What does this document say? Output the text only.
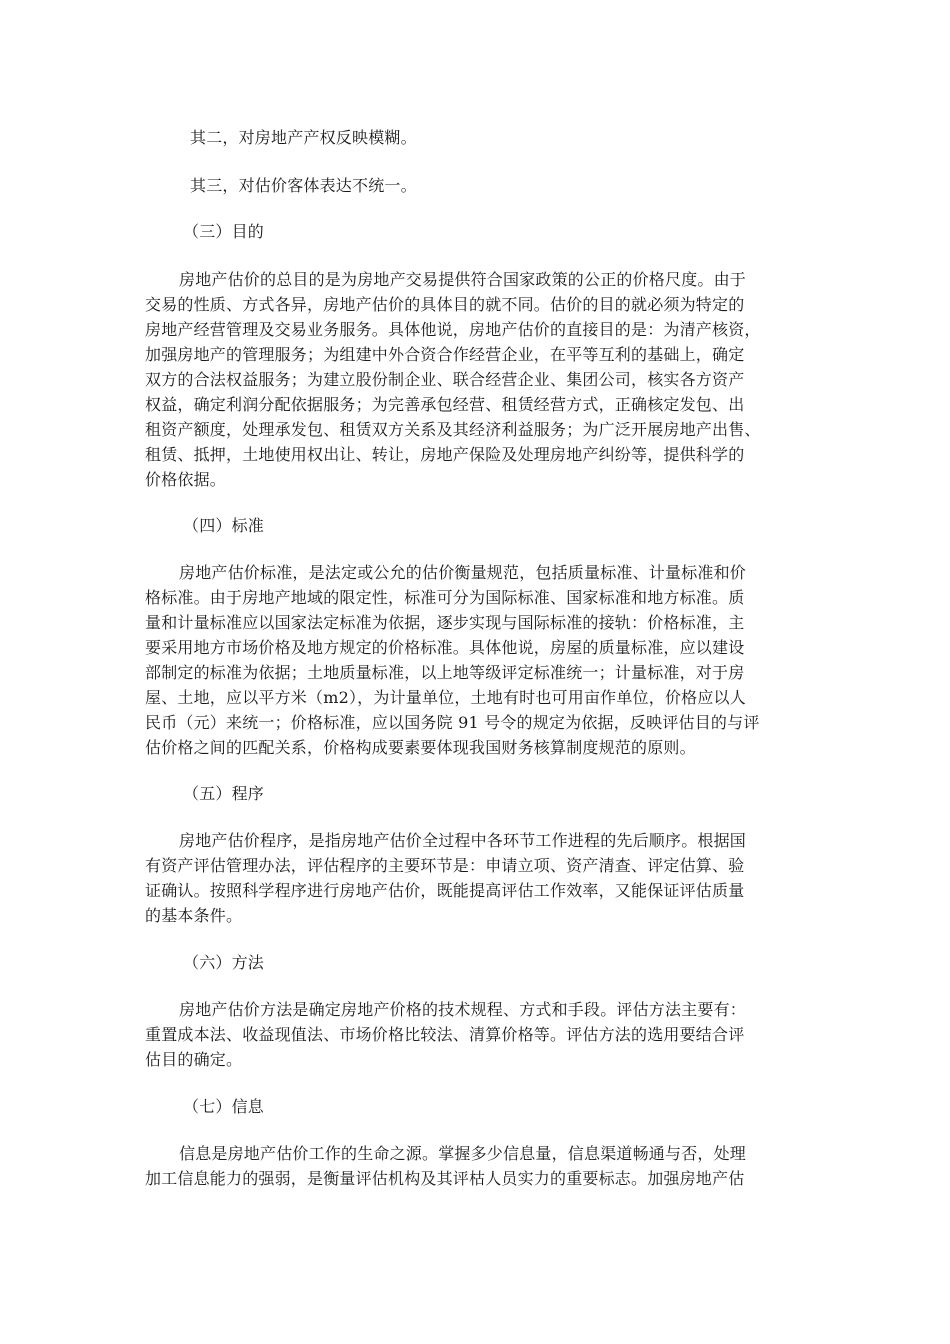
其二，对房地产产权反映模糊。
其三，对估价客体表达不统一。
（三）目的
房地产估价的总目的是为房地产交易提供符合国家政策的公正的价格尺度。由于
交易的性质、方式各异，房地产估价的具体目的就不同。估价的目的就必须为特定的
房地产经营管理及交易业务服务。具体他说，房地产估价的直接目的是：为清产核资，
加强房地产的管理服务；为组建中外合资合作经营企业，在平等互利的基础上，确定
双方的合法权益服务；为建立股份制企业、联合经营企业、集团公司，核实各方资产
权益，确定利润分配依据服务；为完善承包经营、租赁经营方式，正确核定发包、出
租资产额度，处理承发包、租赁双方关系及其经济利益服务；为广泛开展房地产出售、
租赁、抵押，土地使用权出让、转让，房地产保险及处理房地产纠纷等，提供科学的
价格依据。
（四）标准
房地产估价标准，是法定或公允的估价衡量规范，包括质量标准、计量标准和价
格标准。由于房地产地域的限定性，标准可分为国际标准、国家标准和地方标准。质
量和计量标准应以国家法定标准为依据，逐步实现与国际标准的接轨：价格标准，主
要采用地方市场价格及地方规定的价格标准。具体他说，房屋的质量标准，应以建设
部制定的标准为依据；土地质量标准，以上地等级评定标准统一；计量标准，对于房
屋、土地，应以平方米（m2），为计量单位，土地有时也可用亩作单位，价格应以人
民币（元）来统一；价格标准，应以国务院 91 号令的规定为依据，反映评估目的与评
估价格之间的匹配关系，价格构成要素要体现我国财务核算制度规范的原则。
（五）程序
房地产估价程序，是指房地产估价全过程中各环节工作进程的先后顺序。根据国
有资产评估管理办法，评估程序的主要环节是：申请立项、资产清查、评定估算、验
证确认。按照科学程序进行房地产估价，既能提高评估工作效率，又能保证评估质量
的基本条件。
（六）方法
房地产估价方法是确定房地产价格的技术规程、方式和手段。评估方法主要有：
重置成本法、收益现值法、市场价格比较法、清算价格等。评估方法的选用要结合评
估目的确定。
（七）信息
信息是房地产估价工作的生命之源。掌握多少信息量，信息渠道畅通与否，处理
加工信息能力的强弱，是衡量评估机构及其评枯人员实力的重要标志。加强房地产估
